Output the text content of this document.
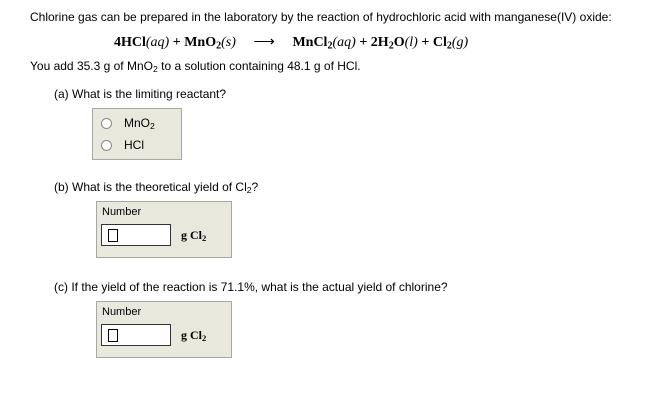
Chlorine gas can be prepared in the laboratory by the reaction of hydrochloric acid with manganese(IV) oxide:
4HCl(aq) + MnO$_2$(s) ⟶ MnCl$_2$(aq) + $2H_2O(l) + Cl_2(g)$
You add 35.3 g of MnO$_2$ to a solution containing 48.1 g of HCl.
(a) What is the limiting reactant?
MnO$_2$
HCl
(b) What is the theoretical yield of $Cl_2$?
Number
g $Cl_2$
(c) If the yield of the reaction is 71.1%, what is the actual yield of chlorine?
Number
g $Cl_2$
